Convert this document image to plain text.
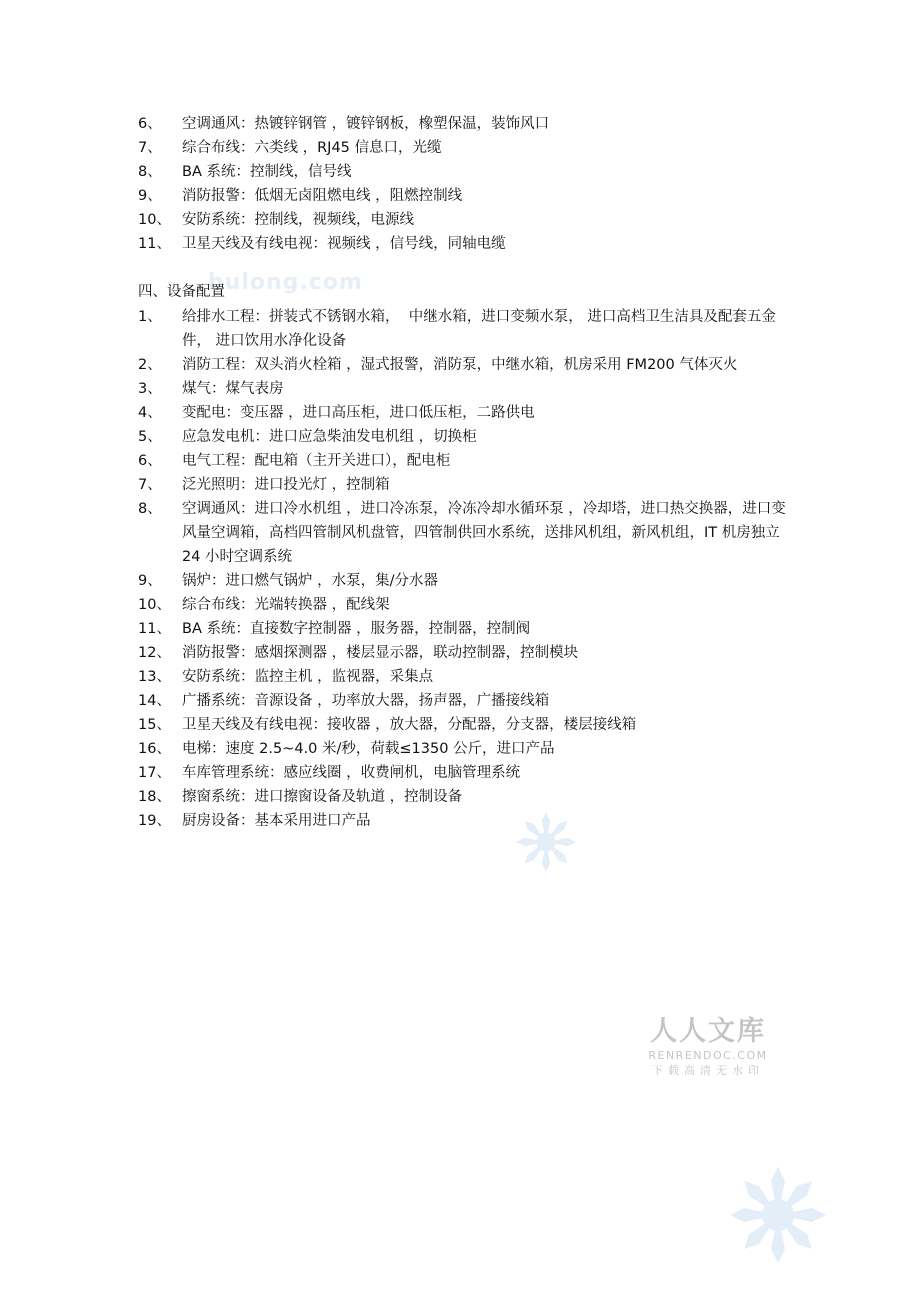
hulong.com
6、	空调通风：热镀锌钢管 ，镀锌钢板，橡塑保温，装饰风口
7、	综合布线：六类线 ，RJ45 信息口，光缆
8、	BA 系统：控制线，信号线
9、	消防报警：低烟无卤阻燃电线 ，阻燃控制线
10、 安防系统：控制线，视频线，电源线
11、 卫星天线及有线电视：视频线 ，信号线，同轴电缆
四、设备配置
1、	给排水工程：拼装式不锈钢水箱，  中继水箱，进口变频水泵， 进口高档卫生洁具及配套五金件， 进口饮用水净化设备
2、	消防工程：双头消火栓箱 ，湿式报警，消防泵，中继水箱，机房采用 FM200 气体灭火
3、	煤气：煤气表房
4、	变配电：变压器 ，进口高压柜，进口低压柜，二路供电
5、	应急发电机：进口应急柴油发电机组 ，切换柜
6、	电气工程：配电箱（主开关进口），配电柜
7、	泛光照明：进口投光灯 ，控制箱
8、	空调通风：进口冷水机组 ，进口冷冻泵，冷冻冷却水循环泵 ，冷却塔，进口热交换器，进口变风量空调箱，高档四管制风机盘管，四管制供回水系统，送排风机组，新风机组，IT 机房独立 24 小时空调系统
9、	锅炉：进口燃气锅炉 ，水泵，集/分水器
10、 综合布线：光端转换器 ，配线架
11、 BA 系统：直接数字控制器 ，服务器，控制器，控制阀
12、 消防报警：感烟探测器 ，楼层显示器，联动控制器，控制模块
13、 安防系统：监控主机 ，监视器，采集点
14、 广播系统：音源设备 ，功率放大器，扬声器，广播接线箱
15、 卫星天线及有线电视：接收器 ，放大器，分配器，分支器，楼层接线箱
16、 电梯：速度 2.5~4.0 米/秒，荷载≤1350 公斤，进口产品
17、 车库管理系统：感应线圈 ，收费闸机，电脑管理系统
18、 擦窗系统：进口擦窗设备及轨道 ，控制设备
19、 厨房设备：基本采用进口产品
人人文库
RENRENDOC.COM
下载高清无水印
